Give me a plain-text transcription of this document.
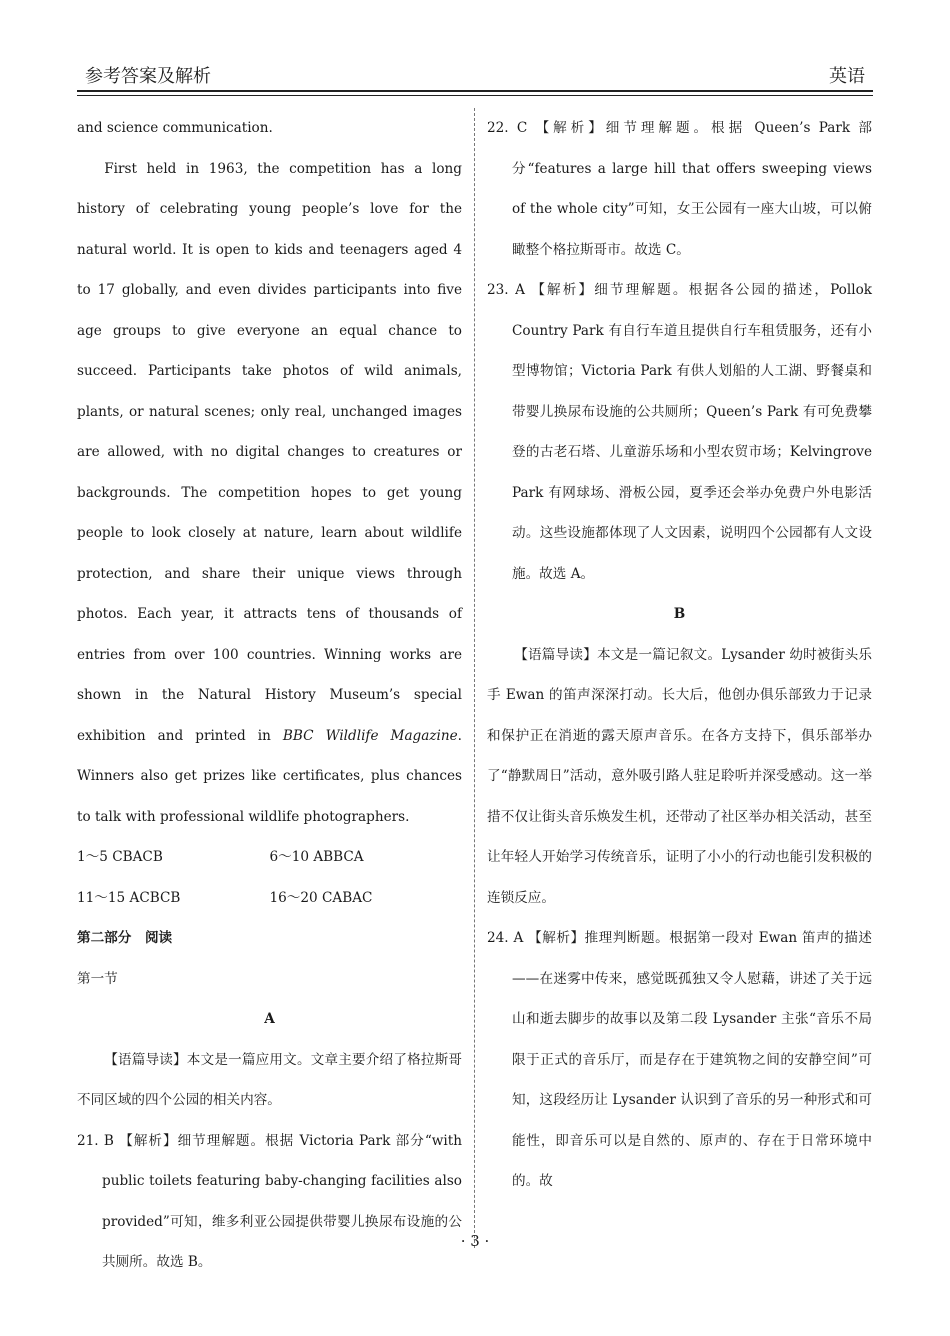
参考答案及解析	英语

and science communication.

First held in 1963, the competition has a long history of celebrating young people’s love for the natural world. It is open to kids and teenagers aged 4 to 17 globally, and even divides participants into five age groups to give everyone an equal chance to succeed. Participants take photos of wild animals, plants, or natural scenes; only real, unchanged images are allowed, with no digital changes to creatures or backgrounds. The competition hopes to get young people to look closely at nature, learn about wildlife protection, and share their unique views through photos. Each year, it attracts tens of thousands of entries from over 100 countries. Winning works are shown in the Natural History Museum’s special exhibition and printed in BBC Wildlife Magazine. Winners also get prizes like certificates, plus chances to talk with professional wildlife photographers.

1～5 CBACB	6～10 ABBCA

11～15 ACBCB	16～20 CABAC

第二部分　阅读

第一节

A

【语篇导读】本文是一篇应用文。文章主要介绍了格拉斯哥不同区域的四个公园的相关内容。

21. B 【解析】细节理解题。根据 Victoria Park 部分“with public toilets featuring baby-changing facilities also provided”可知，维多利亚公园提供带婴儿换尿布设施的公共厕所。故选 B。

22. C 【解析】细节理解题。根据 Queen’s Park 部分“features a large hill that offers sweeping views of the whole city”可知，女王公园有一座大山坡，可以俯瞰整个格拉斯哥市。故选 C。

23. A 【解析】细节理解题。根据各公园的描述，Pollok Country Park 有自行车道且提供自行车租赁服务，还有小型博物馆；Victoria Park 有供人划船的人工湖、野餐桌和带婴儿换尿布设施的公共厕所；Queen’s Park 有可免费攀登的古老石塔、儿童游乐场和小型农贸市场；Kelvingrove Park 有网球场、滑板公园，夏季还会举办免费户外电影活动。这些设施都体现了人文因素，说明四个公园都有人文设施。故选 A。

B

【语篇导读】本文是一篇记叙文。Lysander 幼时被街头乐手 Ewan 的笛声深深打动。长大后，他创办俱乐部致力于记录和保护正在消逝的露天原声音乐。在各方支持下，俱乐部举办了“静默周日”活动，意外吸引路人驻足聆听并深受感动。这一举措不仅让街头音乐焕发生机，还带动了社区举办相关活动，甚至让年轻人开始学习传统音乐，证明了小小的行动也能引发积极的连锁反应。

24. A 【解析】推理判断题。根据第一段对 Ewan 笛声的描述——在迷雾中传来，感觉既孤独又令人慰藉，讲述了关于远山和逝去脚步的故事以及第二段 Lysander 主张“音乐不局限于正式的音乐厅，而是存在于建筑物之间的安静空间”可知，这段经历让 Lysander 认识到了音乐的另一种形式和可能性，即音乐可以是自然的、原声的、存在于日常环境中的。故

· 3 ·
